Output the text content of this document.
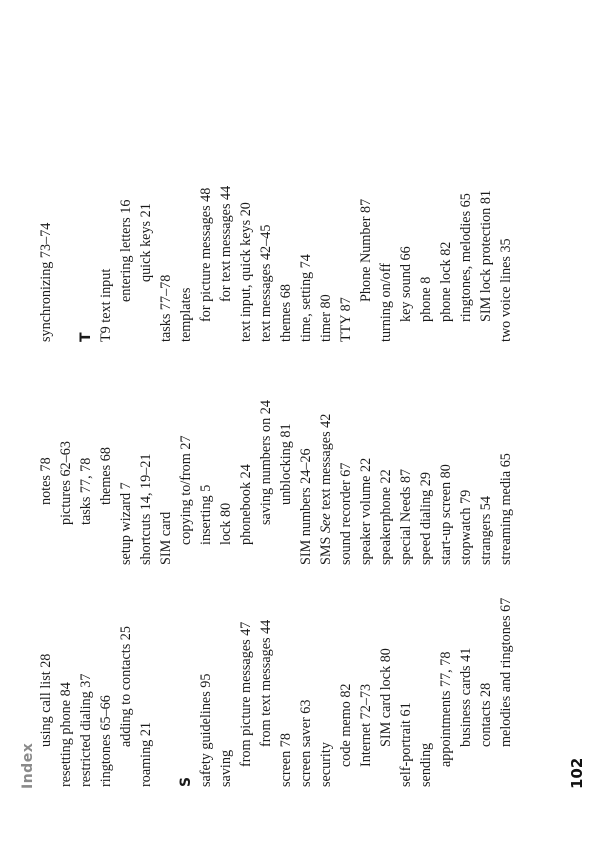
Index
using call list 28 resetting phone 84 restricted dialing 37 ringtones 65–66 adding to contacts 25
roaming 21
S safety guidelines 95 saving
from picture messages 47 from text messages 44
screen 78 screen saver 63 security code memo 82 Internet 72–73 SIM card lock 80 self-portrait 61 sending appointments 77, 78 business cards 41 contacts 28 melodies and ringtones 67
notes 78 pictures 62–63 tasks 77, 78 themes 68
setup wizard 7 shortcuts 14, 19–21 SIM card copying to/from 27 inserting 5 lock 80 phonebook 24 saving numbers on 24 unblocking 81 SIM numbers 24–26 SMS See text messages 42 sound recorder 67 speaker volume 22 speakerphone 22 special Needs 87 speed dialing 29 start-up screen 80 stopwatch 79 strangers 54 streaming media 65
synchronizing 73–74
T T9 text input
entering letters 16 quick keys 21
tasks 77–78 templates for picture messages 48 for text messages 44 text input, quick keys 20 text messages 42–45 themes 68 time, setting 74 timer 80 TTY 87
Phone Number 87
turning on/off key sound 66 phone 8 phone lock 82 ringtones, melodies 65 SIM lock protection 81 two voice lines 35
102
